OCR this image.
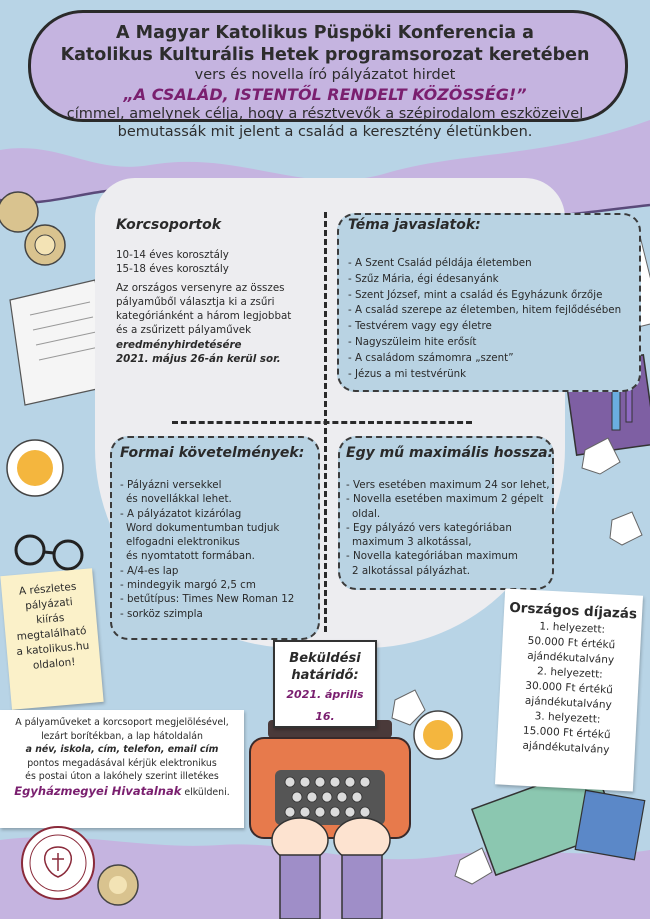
A Magyar Katolikus Püspöki Konferencia a
Katolikus Kulturális Hetek programsorozat keretében
vers és novella író pályázatot hirdet
„A CSALÁD, ISTENTŐL RENDELT KÖZÖSSÉG!”
címmel, amelynek célja, hogy a résztvevők a szépirodalom eszközeivel
bemutassák mit jelent a család a keresztény életünkben.
Korcsoportok
10-14 éves korosztály
15-18 éves korosztály
Az országos versenyre az összes
pályaműből választja ki a zsűri
kategóriánként a három legjobbat
és a zsűrizett pályaművek
eredményhirdetésére
2021. május 26-án kerül sor.
Téma javaslatok:
- A Szent Család példája életemben
- Szűz Mária, égi édesanyánk
- Szent József, mint a család és Egyházunk őrzője
- A család szerepe az életemben, hitem fejlődésében
- Testvérem vagy egy életre
- Nagyszüleim hite erősít
- A családom számomra „szent”
- Jézus a mi testvérünk
Formai követelmények:
- Pályázni versekkel
és novellákkal lehet.
- A pályázatot kizárólag
Word dokumentumban tudjuk
elfogadni elektronikus
és nyomtatott formában.
- A/4-es lap
- mindegyik margó 2,5 cm
- betűtípus: Times New Roman 12
- sorköz szimpla
Egy mű maximális hossza:
- Vers esetében maximum 24 sor lehet,
- Novella esetében maximum 2 gépelt
oldal.
- Egy pályázó vers kategóriában
maximum 3 alkotással,
- Novella kategóriában maximum
2 alkotással pályázhat.
A részletes
pályázati
kiírás
megtalálható
a katolikus.hu
oldalon!	Beküldési
határidő:
2021. április 16.
Országos díjazás
1. helyezett:
50.000 Ft értékű
ajándékutalvány
2. helyezett:
30.000 Ft értékű
ajándékutalvány
3. helyezett:
15.000 Ft értékű
ajándékutalvány
A pályaműveket a korcsoport megjelölésével,
lezárt borítékban, a lap hátoldalán
a név, iskola, cím, telefon, email cím
pontos megadásával kérjük elektronikus
és postai úton a lakóhely szerint illetékes
Egyházmegyei Hivatalnak elküldeni.
